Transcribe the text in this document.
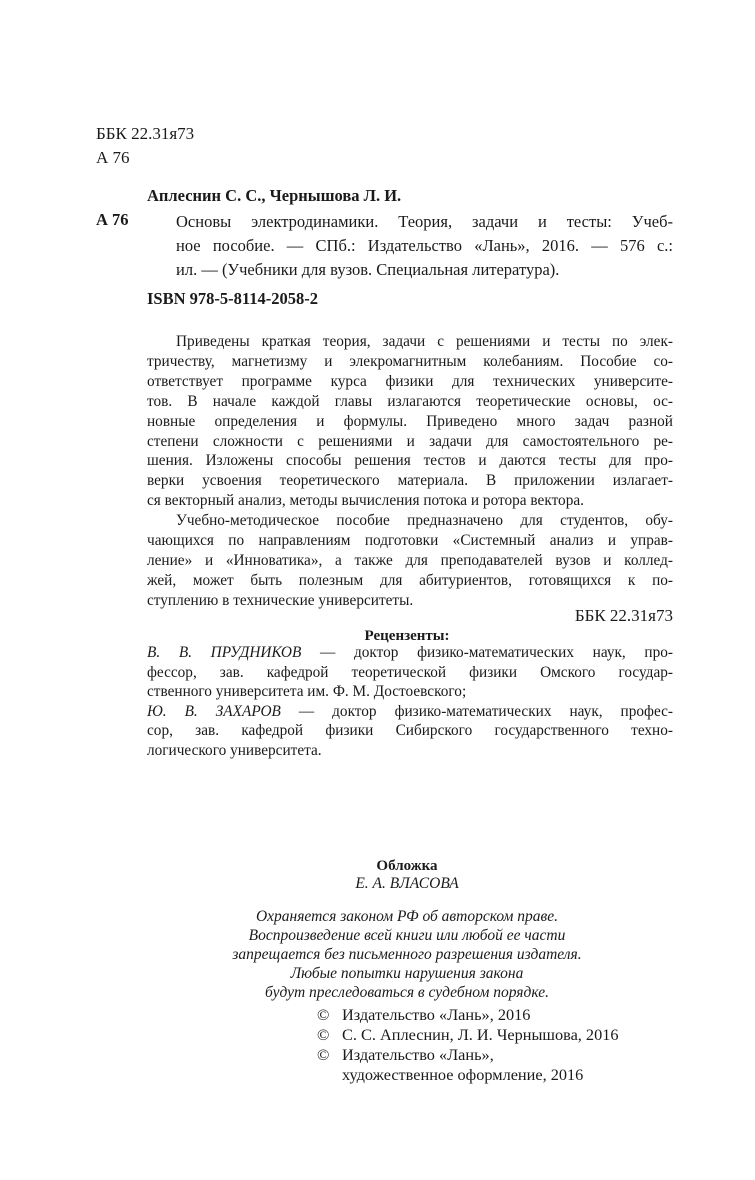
ББК 22.31я73
А 76
Аплеснин С. С., Чернышова Л. И.
А 76	Основы электродинамики. Теория, задачи и тесты: Учеб-
ное пособие. — СПб.: Издательство «Лань», 2016. — 576 с.:
ил. — (Учебники для вузов. Специальная литература).
ISBN 978-5-8114-2058-2
Приведены краткая теория, задачи с решениями и тесты по элек-
тричеству, магнетизму и элекромагнитным колебаниям. Пособие со-
ответствует программе курса физики для технических университе-
тов. В начале каждой главы излагаются теоретические основы, ос-
новные определения и формулы. Приведено много задач разной
степени сложности с решениями и задачи для самостоятельного ре-
шения. Изложены способы решения тестов и даются тесты для про-
верки усвоения теоретического материала. В приложении излагает-
ся векторный анализ, методы вычисления потока и ротора вектора.
Учебно-методическое пособие предназначено для студентов, обу-
чающихся по направлениям подготовки «Системный анализ и управ-
ление» и «Инноватика», а также для преподавателей вузов и коллед-
жей, может быть полезным для абитуриентов, готовящихся к по-
ступлению в технические университеты.
ББК 22.31я73
Рецензенты:
В. В. ПРУДНИКОВ — доктор физико-математических наук, про-
фессор, зав. кафедрой теоретической физики Омского государ-
ственного университета им. Ф. М. Достоевского;
Ю. В. ЗАХАРОВ — доктор физико-математических наук, профес-
сор, зав. кафедрой физики Сибирского государственного техно-
логического университета.
Обложка
Е. А. ВЛАСОВА
Охраняется законом РФ об авторском праве.
Воспроизведение всей книги или любой ее части
запрещается без письменного разрешения издателя.
Любые попытки нарушения закона
будут преследоваться в судебном порядке.
© Издательство «Лань», 2016
© С. С. Аплеснин, Л. И. Чернышова, 2016
© Издательство «Лань»,
художественное оформление, 2016
